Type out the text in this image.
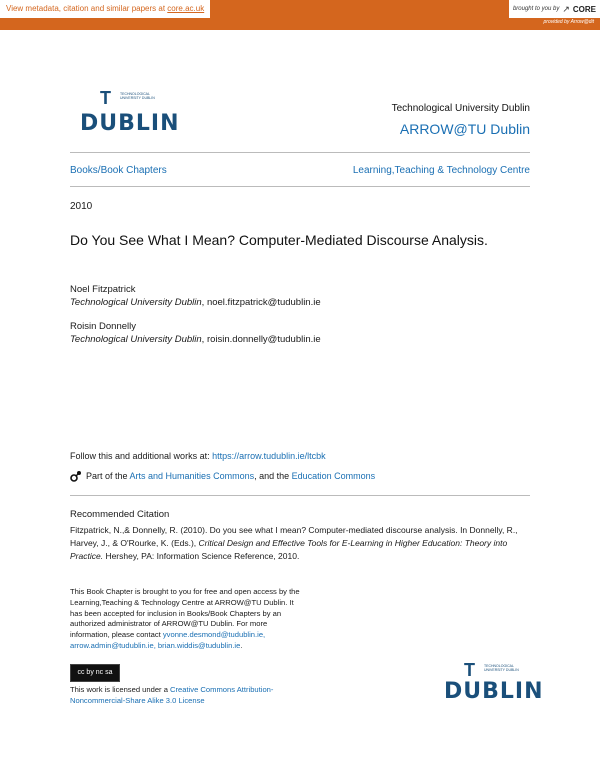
View metadata, citation and similar papers at core.ac.uk	brought to you by ↗ CORE
provided by Arrow@dit
T	TECHNOLOGICAL UNIVERSITY DUBLIN
DUBLIN
Technological University Dublin
ARROW@TU Dublin
Books/Book Chapters	Learning,Teaching & Technology Centre
2010
Do You See What I Mean? Computer-Mediated Discourse Analysis.
Noel Fitzpatrick
Technological University Dublin, noel.fitzpatrick@tudublin.ie
Roisin Donnelly
Technological University Dublin, roisin.donnelly@tudublin.ie
Follow this and additional works at: https://arrow.tudublin.ie/ltcbk
Part of the Arts and Humanities Commons, and the Education Commons
Recommended Citation
Fitzpatrick, N.,& Donnelly, R. (2010). Do you see what I mean? Computer-mediated discourse analysis. In Donnelly, R., Harvey, J., & O'Rourke, K. (Eds.), Critical Design and Effective Tools for E-Learning in Higher Education: Theory into Practice. Hershey, PA: Information Science Reference, 2010.
This Book Chapter is brought to you for free and open access by the Learning,Teaching & Technology Centre at ARROW@TU Dublin. It has been accepted for inclusion in Books/Book Chapters by an authorized administrator of ARROW@TU Dublin. For more information, please contact yvonne.desmond@tudublin.ie, arrow.admin@tudublin.ie, brian.widdis@tudublin.ie.
cc by nc sa
This work is licensed under a Creative Commons Attribution-Noncommercial-Share Alike 3.0 License
T	TECHNOLOGICAL UNIVERSITY DUBLIN
DUBLIN
